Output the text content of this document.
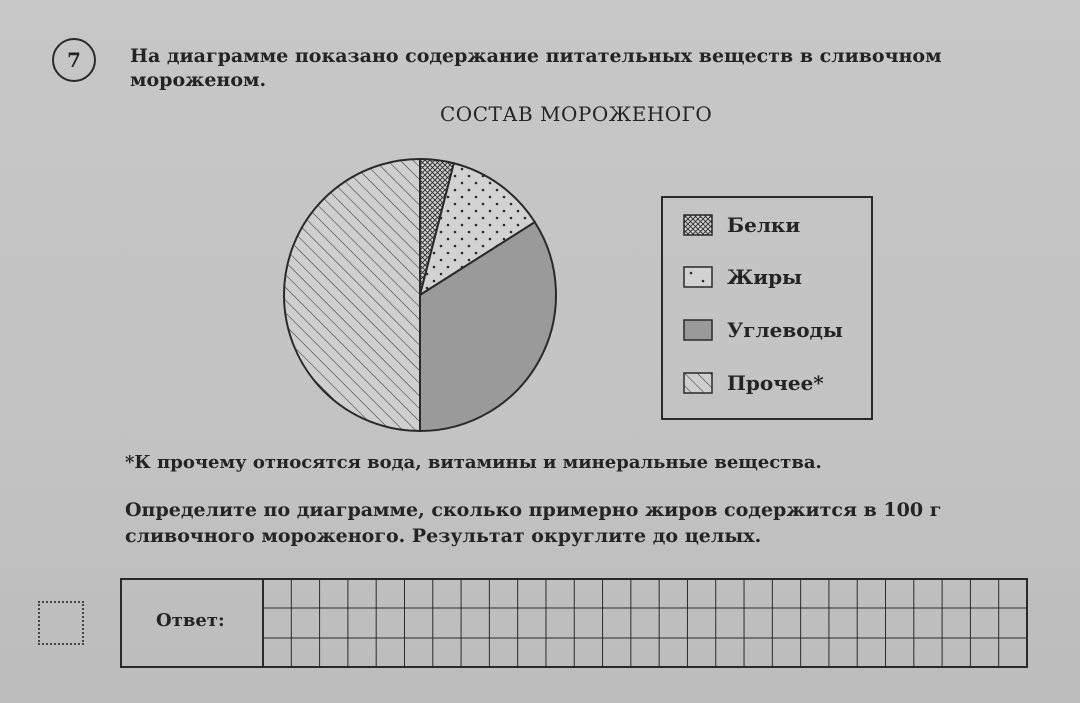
7	На диаграмме показано содержание питательных веществ в сливочном мороженом.
СОСТАВ МОРОЖЕНОГО
Белки
Жиры
Углеводы
Прочее*
*К прочему относятся вода, витамины и минеральные вещества.
Определите по диаграмме, сколько примерно жиров содержится в 100 г сливочного мороженого. Результат округлите до целых.
Ответ:
